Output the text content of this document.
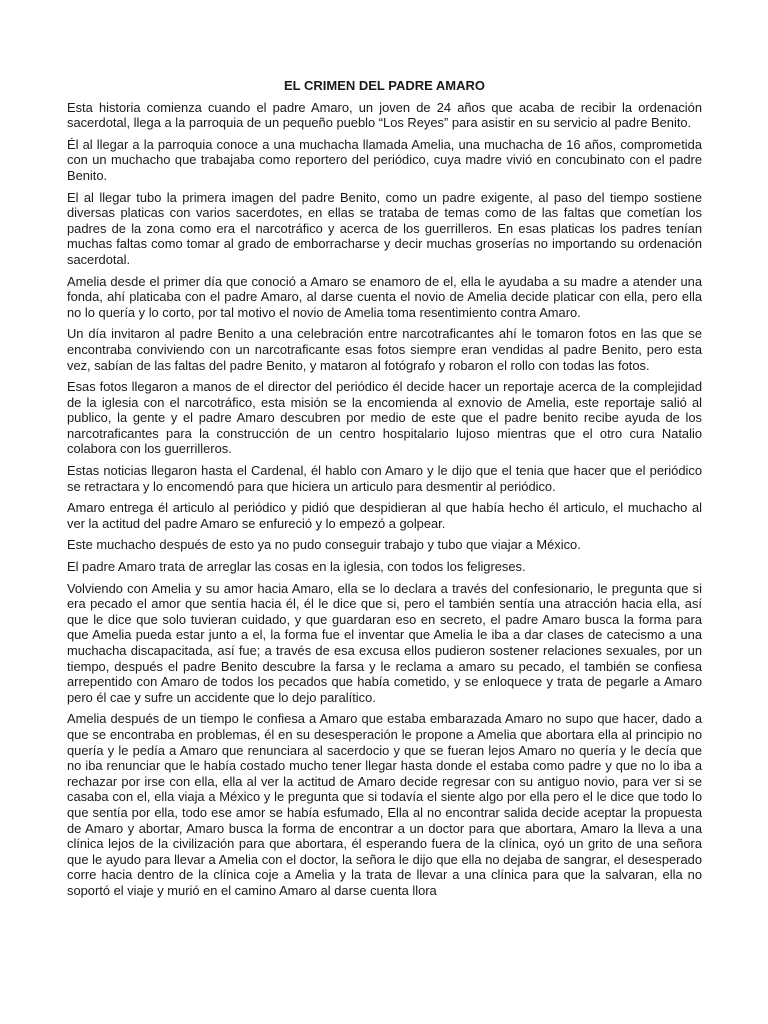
EL CRIMEN DEL PADRE AMARO

Esta historia comienza cuando el padre Amaro, un joven de 24 años que acaba de recibir la ordenación sacerdotal, llega a la parroquia de un pequeño pueblo “Los Reyes” para asistir en su servicio al padre Benito.

Él al llegar a la parroquia conoce a una muchacha llamada Amelia, una muchacha de 16 años, comprometida con un muchacho que trabajaba como reportero del periódico, cuya madre vivió en concubinato con el padre Benito.

El al llegar tubo la primera imagen del padre Benito, como un padre exigente, al paso del tiempo sostiene diversas platicas con varios sacerdotes, en ellas se trataba de temas como de las faltas que cometían los padres de la zona como era el narcotráfico y acerca de los guerrilleros. En esas platicas los padres tenían muchas faltas como tomar al grado de emborracharse y decir muchas groserías no importando su ordenación sacerdotal.

Amelia desde el primer día que conoció a Amaro se enamoro de el, ella le ayudaba a su madre a atender una fonda, ahí platicaba con el padre Amaro, al darse cuenta el novio de Amelia decide platicar con ella, pero ella no lo quería y lo corto, por tal motivo el novio de Amelia toma resentimiento contra Amaro.

Un día invitaron al padre Benito a una celebración entre narcotraficantes ahí le tomaron fotos en las que se encontraba conviviendo con un narcotraficante esas fotos siempre eran vendidas al padre Benito, pero esta vez, sabían de las faltas del padre Benito, y mataron al fotógrafo y robaron el rollo con todas las fotos.

Esas fotos llegaron a manos de el director del periódico él decide hacer un reportaje acerca de la complejidad de la iglesia con el narcotráfico, esta misión se la encomienda al exnovio de Amelia, este reportaje salió al publico, la gente y el padre Amaro descubren por medio de este que el padre benito recibe ayuda de los narcotraficantes para la construcción de un centro hospitalario lujoso mientras que el otro cura Natalio colabora con los guerrilleros.

Estas noticias llegaron hasta el Cardenal, él hablo con Amaro y le dijo que el tenia que hacer que el periódico se retractara y lo encomendó para que hiciera un articulo para desmentir al periódico.

Amaro entrega él articulo al periódico y pidió que despidieran al que había hecho él articulo, el muchacho al ver la actitud del padre Amaro se enfureció y lo empezó a golpear.

Este muchacho después de esto ya no pudo conseguir trabajo y tubo que viajar a México.

El padre Amaro trata de arreglar las cosas en la iglesia, con todos los feligreses.

Volviendo con Amelia y su amor hacia Amaro, ella se lo declara a través del confesionario, le pregunta que si era pecado el amor que sentía hacia él, él le dice que si, pero el también sentía una atracción hacia ella, así que le dice que solo tuvieran cuidado, y que guardaran eso en secreto, el padre Amaro busca la forma para que Amelia pueda estar junto a el, la forma fue el inventar que Amelia le iba a dar clases de catecismo a una muchacha discapacitada, así fue; a través de esa excusa ellos pudieron sostener relaciones sexuales, por un tiempo, después el padre Benito descubre la farsa y le reclama a amaro su pecado, el también se confiesa arrepentido con Amaro de todos los pecados que había cometido, y se enloquece y trata de pegarle a Amaro pero él cae y sufre un accidente que lo dejo paralítico.

Amelia después de un tiempo le confiesa a Amaro que estaba embarazada Amaro no supo que hacer, dado a que se encontraba en problemas, él en su desesperación le propone a Amelia que abortara ella al principio no quería y le pedía a Amaro que renunciara al sacerdocio y que se fueran lejos Amaro no quería y le decía que no iba renunciar que le había costado mucho tener llegar hasta donde el estaba como padre y que no lo iba a rechazar por irse con ella, ella al ver la actitud de Amaro decide regresar con su antiguo novio, para ver si se casaba con el, ella viaja a México y le pregunta que si todavía el siente algo por ella pero el le dice que todo lo que sentía por ella, todo ese amor se había esfumado, Ella al no encontrar salida decide aceptar la propuesta de Amaro y abortar, Amaro busca la forma de encontrar a un doctor para que abortara, Amaro la lleva a una clínica lejos de la civilización para que abortara, él esperando fuera de la clínica, oyó un grito de una señora que le ayudo para llevar a Amelia con el doctor, la señora le dijo que ella no dejaba de sangrar, el desesperado corre hacia dentro de la clínica coje a Amelia y la trata de llevar a una clínica para que la salvaran, ella no soportó el viaje y murió en el camino Amaro al darse cuenta llora
